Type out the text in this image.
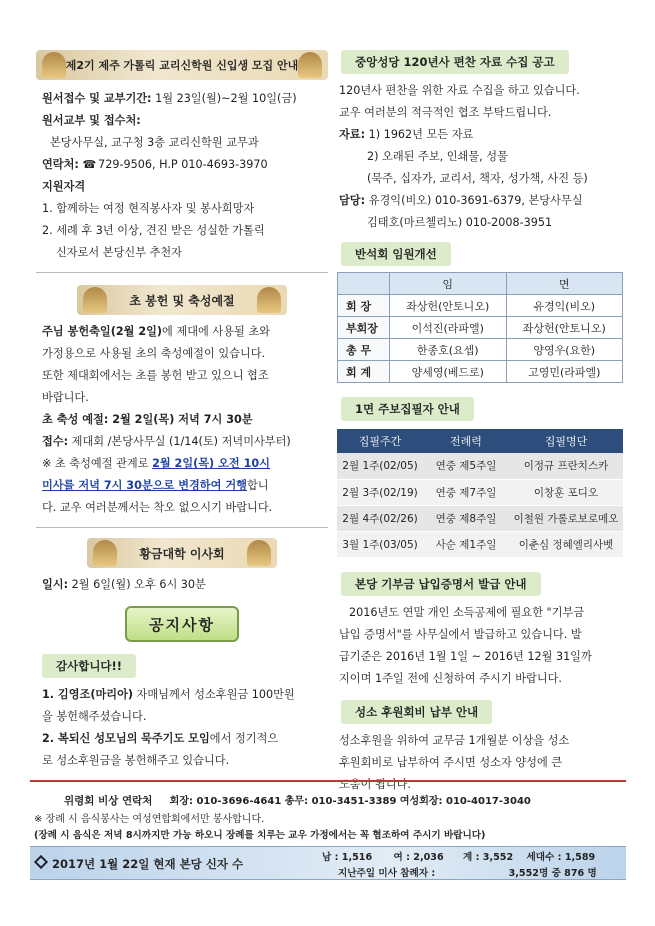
제2기 제주 가톨릭 교리신학원 신입생 모집 안내
원서접수 및 교부기간: 1월 23일(월)~2월 10일(금)
원서교부 및 접수처:
본당사무실, 교구청 3층 교리신학원 교무과
연락처: ☎ 729-9506, H.P 010-4693-3970
지원자격
1. 함께하는 여정 현직봉사자 및 봉사희망자
2. 세례 후 3년 이상, 견진 받은 성실한 가톨릭
신자로서 본당신부 추천자
초 봉헌 및 축성예절
주님 봉헌축일(2월 2일)에 제대에 사용될 초와
가정용으로 사용될 초의 축성예절이 있습니다.
또한 제대회에서는 초를 봉헌 받고 있으니 협조
바랍니다.
초 축성 예절: 2월 2일(목) 저녁 7시 30분
접수: 제대회 /본당사무실 (1/14(토) 저녁미사부터)
※ 초 축성예절 관계로 2월 2일(목) 오전 10시
미사를 저녁 7시 30분으로 변경하여 거행합니
다. 교우 여러분께서는 착오 없으시기 바랍니다.
황금대학 이사회
일시: 2월 6일(월) 오후 6시 30분
공지사항
감사합니다!!
1. 김영조(마리아) 자매님께서 성소후원금 100만원
을 봉헌해주셨습니다.
2. 복되신 성모님의 묵주기도 모임에서 정기적으
로 성소후원금을 봉헌해주고 있습니다.
중앙성당 120년사 편찬 자료 수집 공고
120년사 편찬을 위한 자료 수집을 하고 있습니다.
교우 여러분의 적극적인 협조 부탁드립니다.
자료: 1) 1962년 모든 자료
2) 오래된 주보, 인쇄물, 성물
(묵주, 십자가, 교리서, 책자, 성가책, 사진 등)
담당: 유경익(비오) 010-3691-6379, 본당사무실
김태호(마르첼리노) 010-2008-3951
반석회 임원개선
	임	면
회 장	좌상헌(안토니오)	유경익(비오)
부회장	이석진(라파엘)	좌상헌(안토니오)
총 무	한종호(요셉)	양영우(요한)
회 계	양세영(베드로)	고영민(라파엘)
1면 주보집필자 안내
집필주간	전례력	집필명단
2월 1주(02/05)	연중 제5주일	이정규 프란치스카
2월 3주(02/19)	연중 제7주일	이창훈 포디오
2월 4주(02/26)	연중 제8주일	이철원 가롤로보로메오
3월 1주(03/05)	사순 제1주일	이춘심 정혜엘리사벳
본당 기부금 납입증명서 발급 안내
2016년도 연말 개인 소득공제에 필요한 "기부금
납입 증명서"를 사무실에서 발급하고 있습니다. 발
급기준은 2016년 1월 1일 ~ 2016년 12월 31일까
지이며 1주일 전에 신청하여 주시기 바랍니다.
성소 후원회비 납부 안내
성소후원을 위하여 교무금 1개월분 이상을 성소
후원회비로 납부하여 주시면 성소자 양성에 큰
도움이 됩니다.
위령회 비상 연락처 회장: 010-3696-4641 총무: 010-3451-3389 여성회장: 010-4017-3040
※ 장례 시 음식봉사는 여성연합회에서만 봉사합니다.
(장례 시 음식은 저녁 8시까지만 가능 하오니 장례를 치루는 교우 가정에서는 꼭 협조하여 주시기 바랍니다)
2017년 1월 22일 현재 본당 신자 수	남 : 1,516 여 : 2,036 계 : 3,552 세대수 : 1,589
지난주일 미사 참례자 :	3,552명 중 876 명
